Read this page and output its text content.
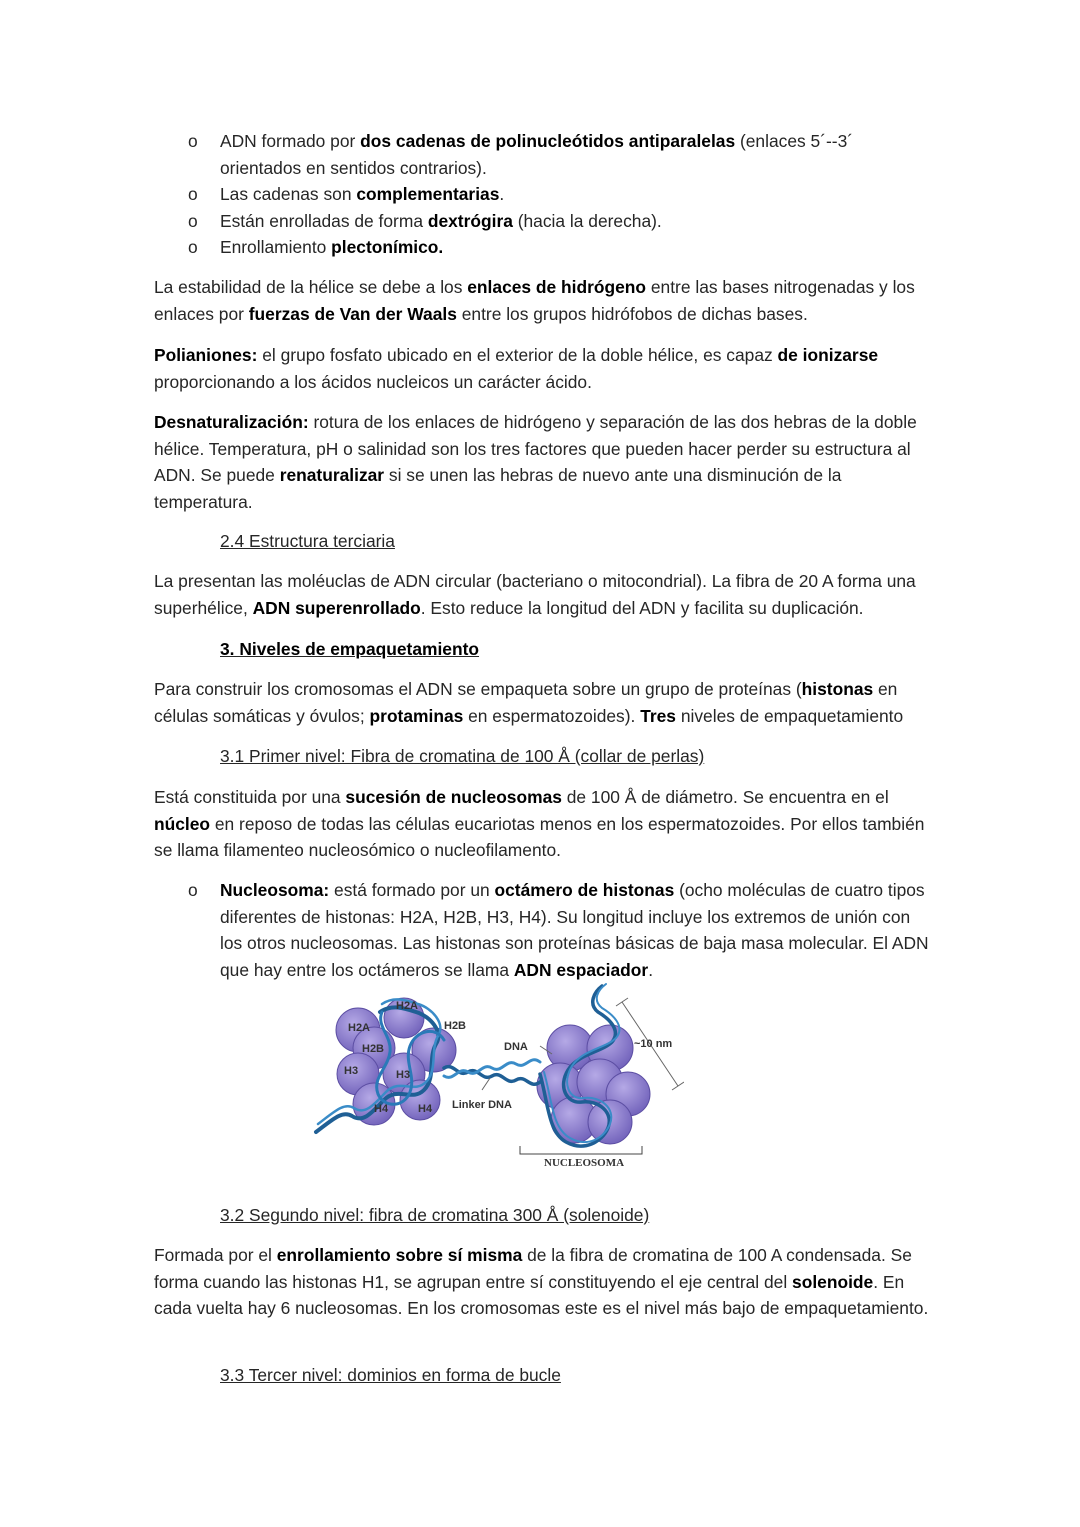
o ADN formado por dos cadenas de polinucleótidos antiparalelas (enlaces 5´--3´ orientados en sentidos contrarios).
o Las cadenas son complementarias.
o Están enrolladas de forma dextrógira (hacia la derecha).
o Enrollamiento plectonímico.

La estabilidad de la hélice se debe a los enlaces de hidrógeno entre las bases nitrogenadas y los enlaces por fuerzas de Van der Waals entre los grupos hidrófobos de dichas bases.

Polianiones: el grupo fosfato ubicado en el exterior de la doble hélice, es capaz de ionizarse proporcionando a los ácidos nucleicos un carácter ácido.

Desnaturalización: rotura de los enlaces de hidrógeno y separación de las dos hebras de la doble hélice. Temperatura, pH o salinidad son los tres factores que pueden hacer perder su estructura al ADN. Se puede renaturalizar si se unen las hebras de nuevo ante una disminución de la temperatura.

2.4 Estructura terciaria

La presentan las moléuclas de ADN circular (bacteriano o mitocondrial). La fibra de 20 A forma una superhélice, ADN superenrollado. Esto reduce la longitud del ADN y facilita su duplicación.

3. Niveles de empaquetamiento

Para construir los cromosomas el ADN se empaqueta sobre un grupo de proteínas (histonas en células somáticas y óvulos; protaminas en espermatozoides). Tres niveles de empaquetamiento

3.1 Primer nivel: Fibra de cromatina de 100 Å (collar de perlas)

Está constituida por una sucesión de nucleosomas de 100 Å de diámetro. Se encuentra en el núcleo en reposo de todas las células eucariotas menos en los espermatozoides. Por ellos también se llama filamenteo nucleosómico o nucleofilamento.

o Nucleosoma: está formado por un octámero de histonas (ocho moléculas de cuatro tipos diferentes de histonas: H2A, H2B, H3, H4). Su longitud incluye los extremos de unión con los otros nucleosomas. Las histonas son proteínas básicas de baja masa molecular. El ADN que hay entre los octámeros se llama ADN espaciador.
H2A
H2A	H2B
H2B
H3	H3
H4	H4 Linker DNA
DNA	~10 nm
NUCLEOSOMA
3.2 Segundo nivel: fibra de cromatina 300 Å (solenoide)

Formada por el enrollamiento sobre sí misma de la fibra de cromatina de 100 A condensada. Se forma cuando las histonas H1, se agrupan entre sí constituyendo el eje central del solenoide. En cada vuelta hay 6 nucleosomas. En los cromosomas este es el nivel más bajo de empaquetamiento.

3.3 Tercer nivel: dominios en forma de bucle
